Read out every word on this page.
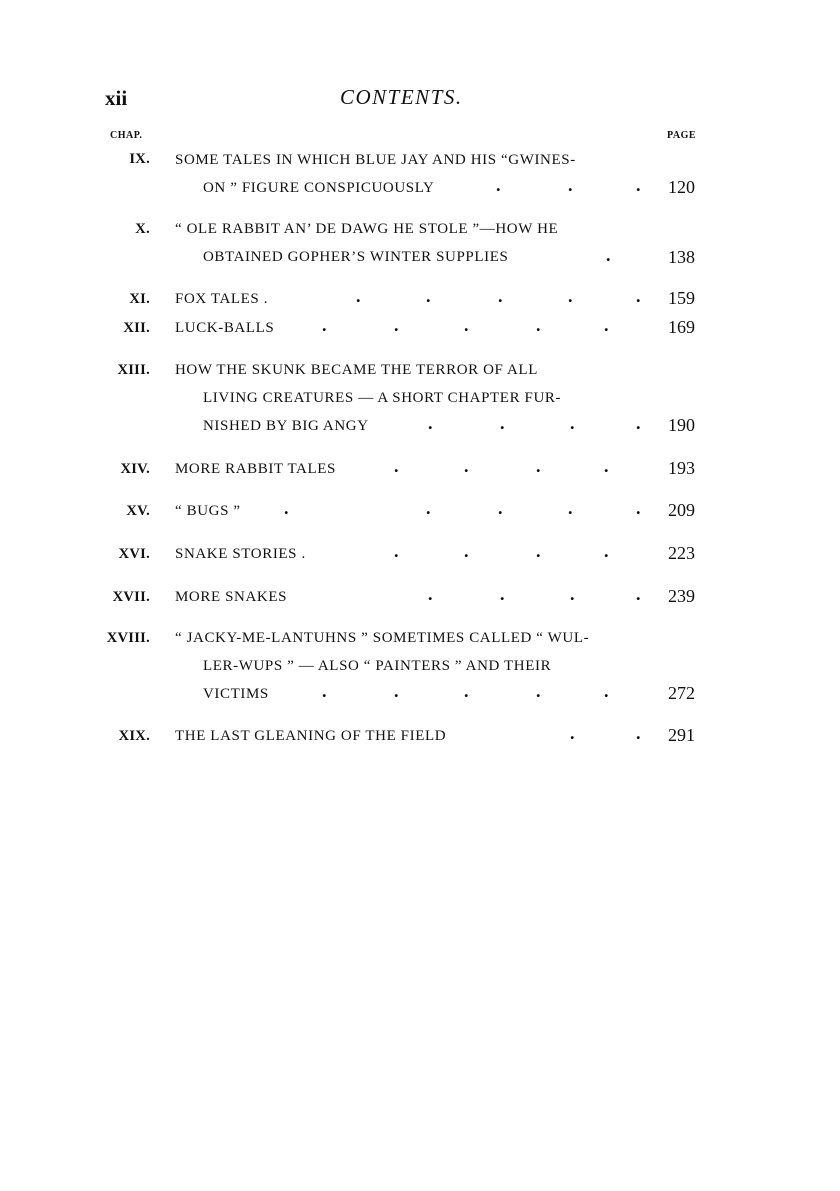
xii	CONTENTS.
CHAP.	PAGE
IX. SOME TALES IN WHICH BLUE JAY AND HIS “GWINES-
ON ” FIGURE CONSPICUOUSLY	.	.	. 120
X. “ OLE RABBIT AN’ DE DAWG HE STOLE ”—HOW HE
OBTAINED GOPHER’S WINTER SUPPLIES	.	138
XI. FOX TALES .	.	.	.	.	. 159
XII. LUCK-BALLS	.	.	.	.	.	169
XIII. HOW THE SKUNK BECAME THE TERROR OF ALL
LIVING CREATURES — A SHORT CHAPTER FUR-
NISHED BY BIG ANGY	.	.	.	. 190
XIV. MORE RABBIT TALES	.	.	.	.	193
XV. “ BUGS ” .	.	.	.	. 209
XVI. SNAKE STORIES .	.	.	.	.	223
XVII. MORE SNAKES	.	.	.	. 239
XVIII. “ JACKY-ME-LANTUHNS ” SOMETIMES CALLED “ WUL-
LER-WUPS ” — ALSO “ PAINTERS ” AND THEIR
VICTIMS	.	.	.	.	.	272
XIX. THE LAST GLEANING OF THE FIELD	.	. 291
